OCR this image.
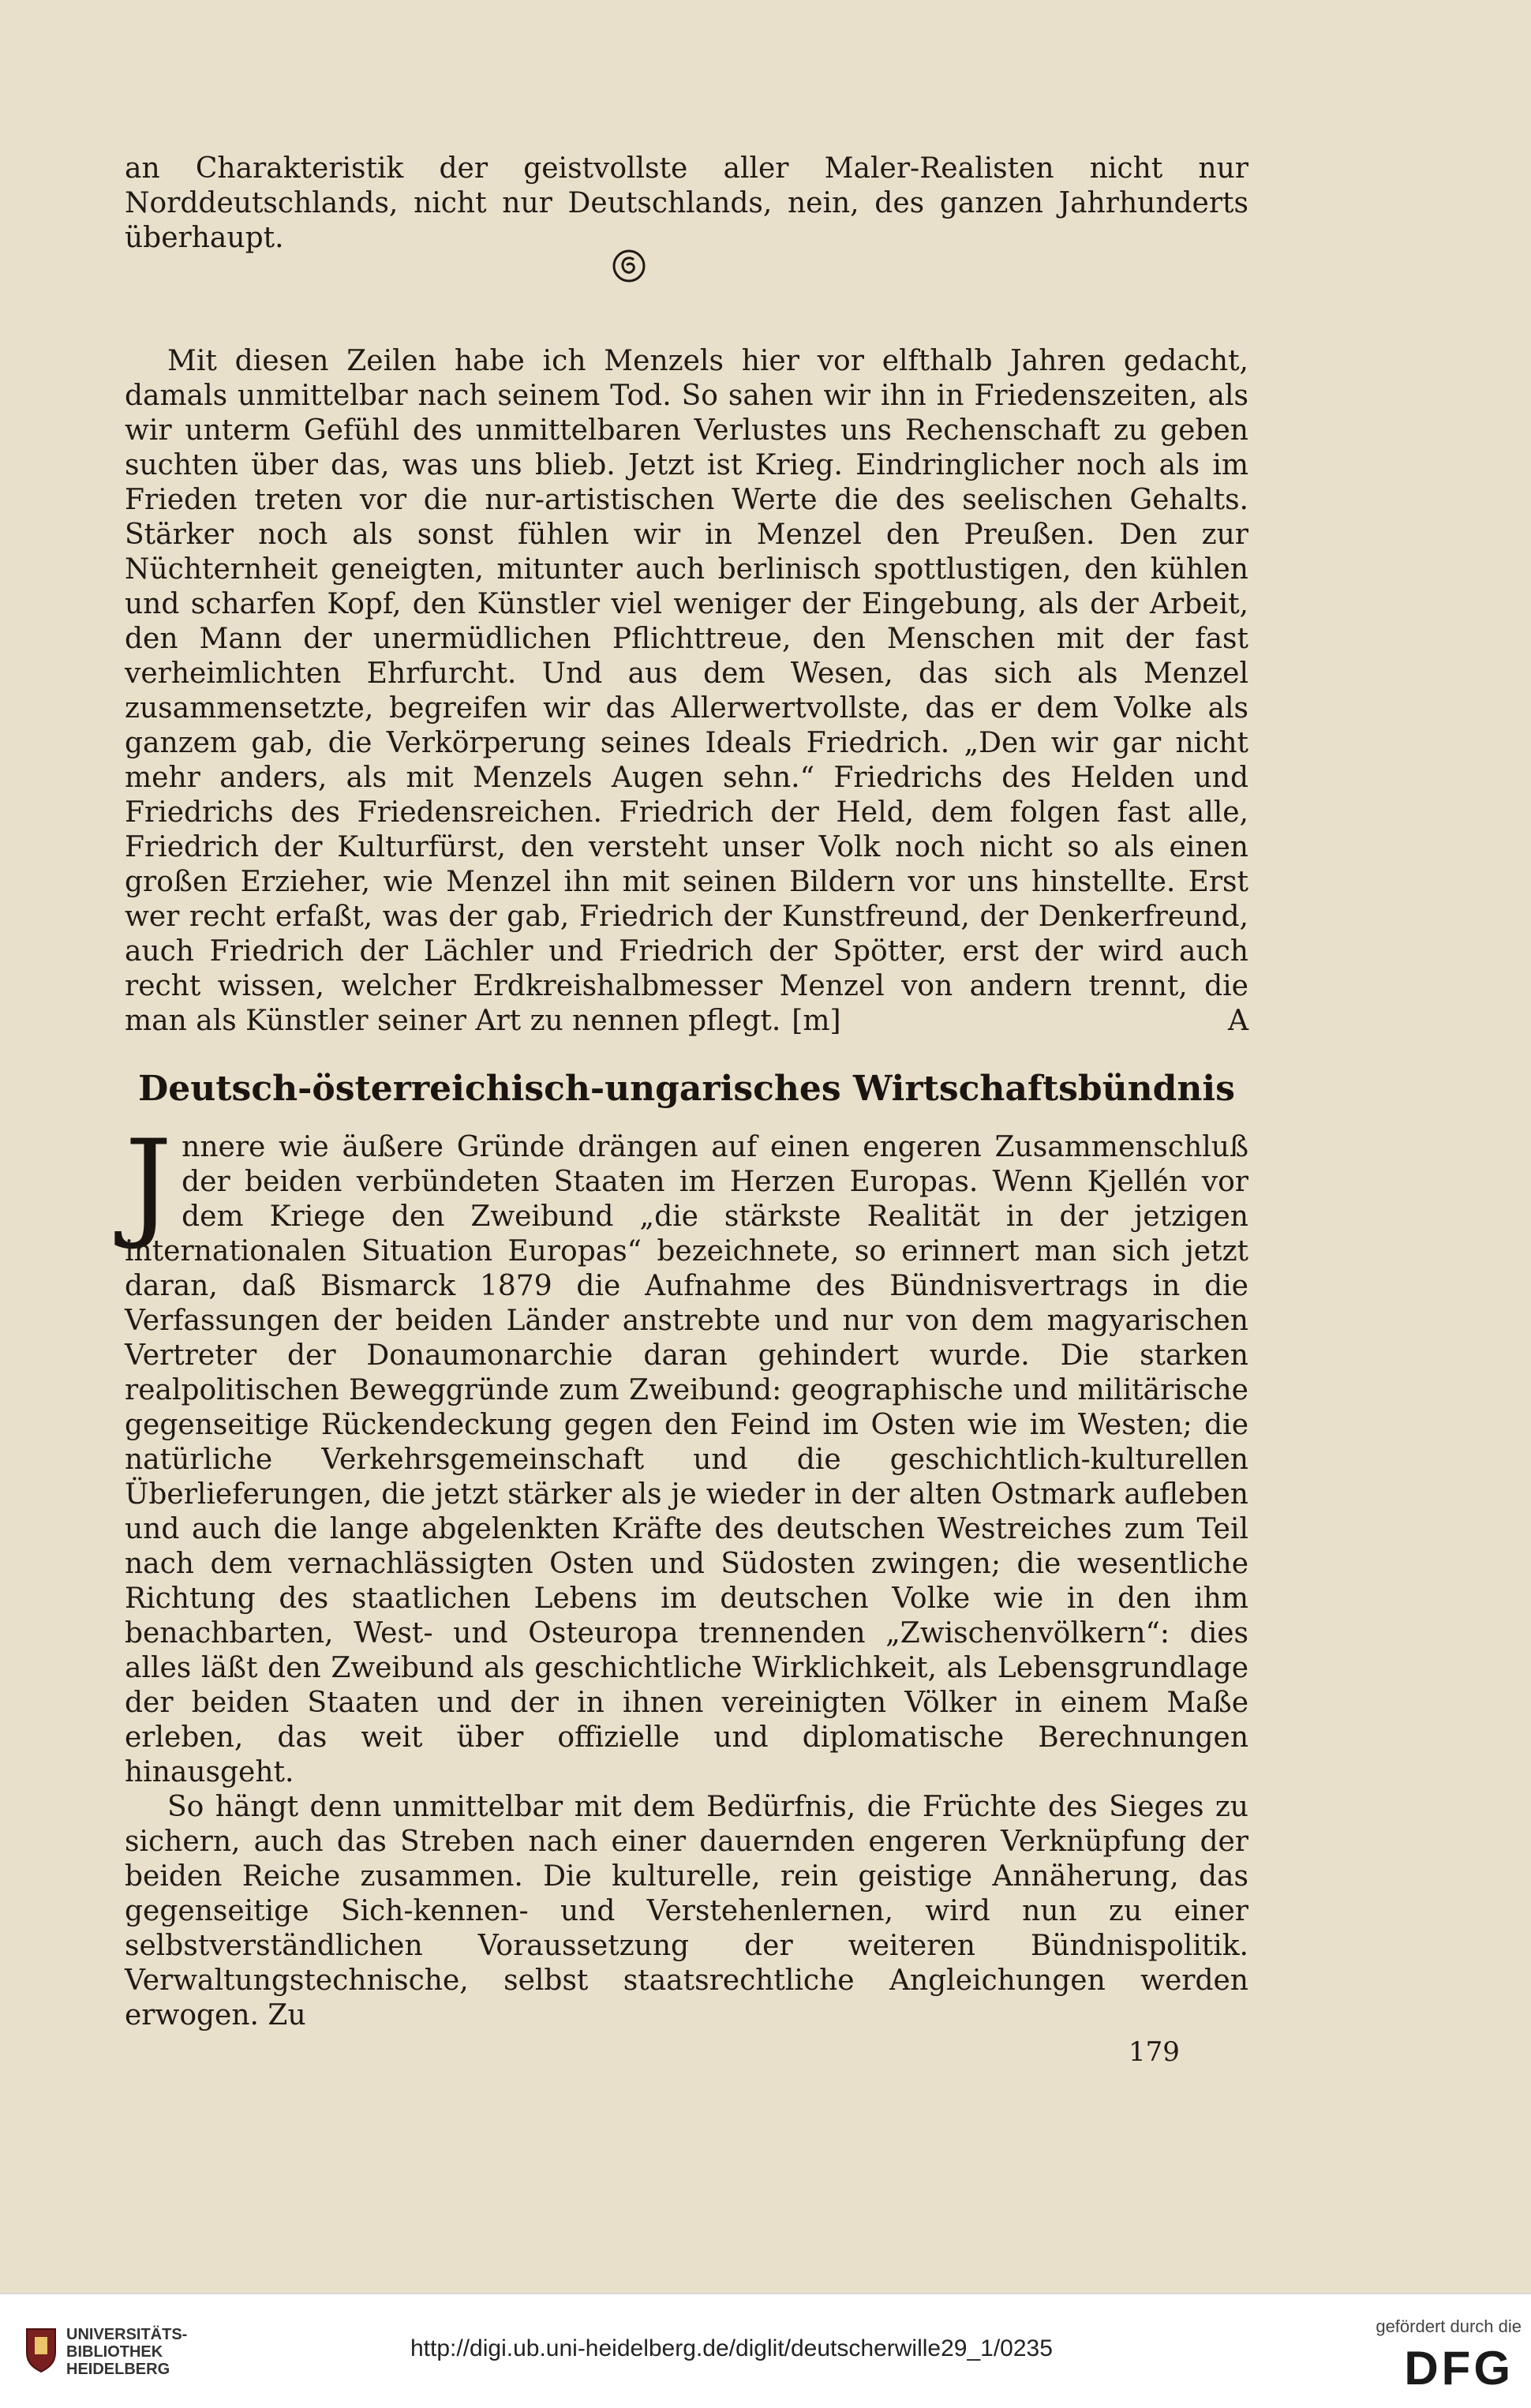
an Charakteristik der geistvollste aller Maler-Realisten nicht nur Norddeutschlands, nicht nur Deutschlands, nein, des ganzen Jahrhunderts überhaupt.

Mit diesen Zeilen habe ich Menzels hier vor elfthalb Jahren gedacht, damals unmittelbar nach seinem Tod. So sahen wir ihn in Friedenszeiten, als wir unterm Gefühl des unmittelbaren Verlustes uns Rechenschaft zu geben suchten über das, was uns blieb. Jetzt ist Krieg. Eindringlicher noch als im Frieden treten vor die nur-artistischen Werte die des seelischen Gehalts. Stärker noch als sonst fühlen wir in Menzel den Preußen. Den zur Nüchternheit geneigten, mitunter auch berlinisch spottlustigen, den kühlen und scharfen Kopf, den Künstler viel weniger der Eingebung, als der Arbeit, den Mann der unermüdlichen Pflichttreue, den Menschen mit der fast verheimlichten Ehrfurcht. Und aus dem Wesen, das sich als Menzel zusammensetzte, begreifen wir das Allerwertvollste, das er dem Volke als ganzem gab, die Verkörperung seines Ideals Friedrich. „Den wir gar nicht mehr anders, als mit Menzels Augen sehn.“ Friedrichs des Helden und Friedrichs des Friedensreichen. Friedrich der Held, dem folgen fast alle, Friedrich der Kulturfürst, den versteht unser Volk noch nicht so als einen großen Erzieher, wie Menzel ihn mit seinen Bildern vor uns hinstellte. Erst wer recht erfaßt, was der gab, Friedrich der Kunstfreund, der Denkerfreund, auch Friedrich der Lächler und Friedrich der Spötter, erst der wird auch recht wissen, welcher Erdkreishalbmesser Menzel von andern trennt, die man als Künstler seiner Art zu nennen pflegt. [m]	A

Deutsch-österreichisch-ungarisches Wirtschaftsbündnis

Jnnere wie äußere Gründe drängen auf einen engeren Zusammenschluß der beiden verbündeten Staaten im Herzen Europas. Wenn Kjellén vor dem Kriege den Zweibund „die stärkste Realität in der jetzigen internationalen Situation Europas“ bezeichnete, so erinnert man sich jetzt daran, daß Bismarck 1879 die Aufnahme des Bündnisvertrags in die Verfassungen der beiden Länder anstrebte und nur von dem magyarischen Vertreter der Donaumonarchie daran gehindert wurde. Die starken realpolitischen Beweggründe zum Zweibund: geographische und militärische gegenseitige Rückendeckung gegen den Feind im Osten wie im Westen; die natürliche Verkehrsgemeinschaft und die geschichtlich-kulturellen Überlieferungen, die jetzt stärker als je wieder in der alten Ostmark aufleben und auch die lange abgelenkten Kräfte des deutschen Westreiches zum Teil nach dem vernachlässigten Osten und Südosten zwingen; die wesentliche Richtung des staatlichen Lebens im deutschen Volke wie in den ihm benachbarten, West- und Osteuropa trennenden „Zwischenvölkern“: dies alles läßt den Zweibund als geschichtliche Wirklichkeit, als Lebensgrundlage der beiden Staaten und der in ihnen vereinigten Völker in einem Maße erleben, das weit über offizielle und diplomatische Berechnungen hinausgeht.

So hängt denn unmittelbar mit dem Bedürfnis, die Früchte des Sieges zu sichern, auch das Streben nach einer dauernden engeren Verknüpfung der beiden Reiche zusammen. Die kulturelle, rein geistige Annäherung, das gegenseitige Sich-kennen- und Verstehenlernen, wird nun zu einer selbstverständlichen Voraussetzung der weiteren Bündnispolitik. Verwaltungstechnische, selbst staatsrechtliche Angleichungen werden erwogen. Zu

179
UNIVERSITÄTS-
BIBLIOTHEK
HEIDELBERG
http://digi.ub.uni-heidelberg.de/diglit/deutscherwille29_1/0235
gefördert durch die
DFG
